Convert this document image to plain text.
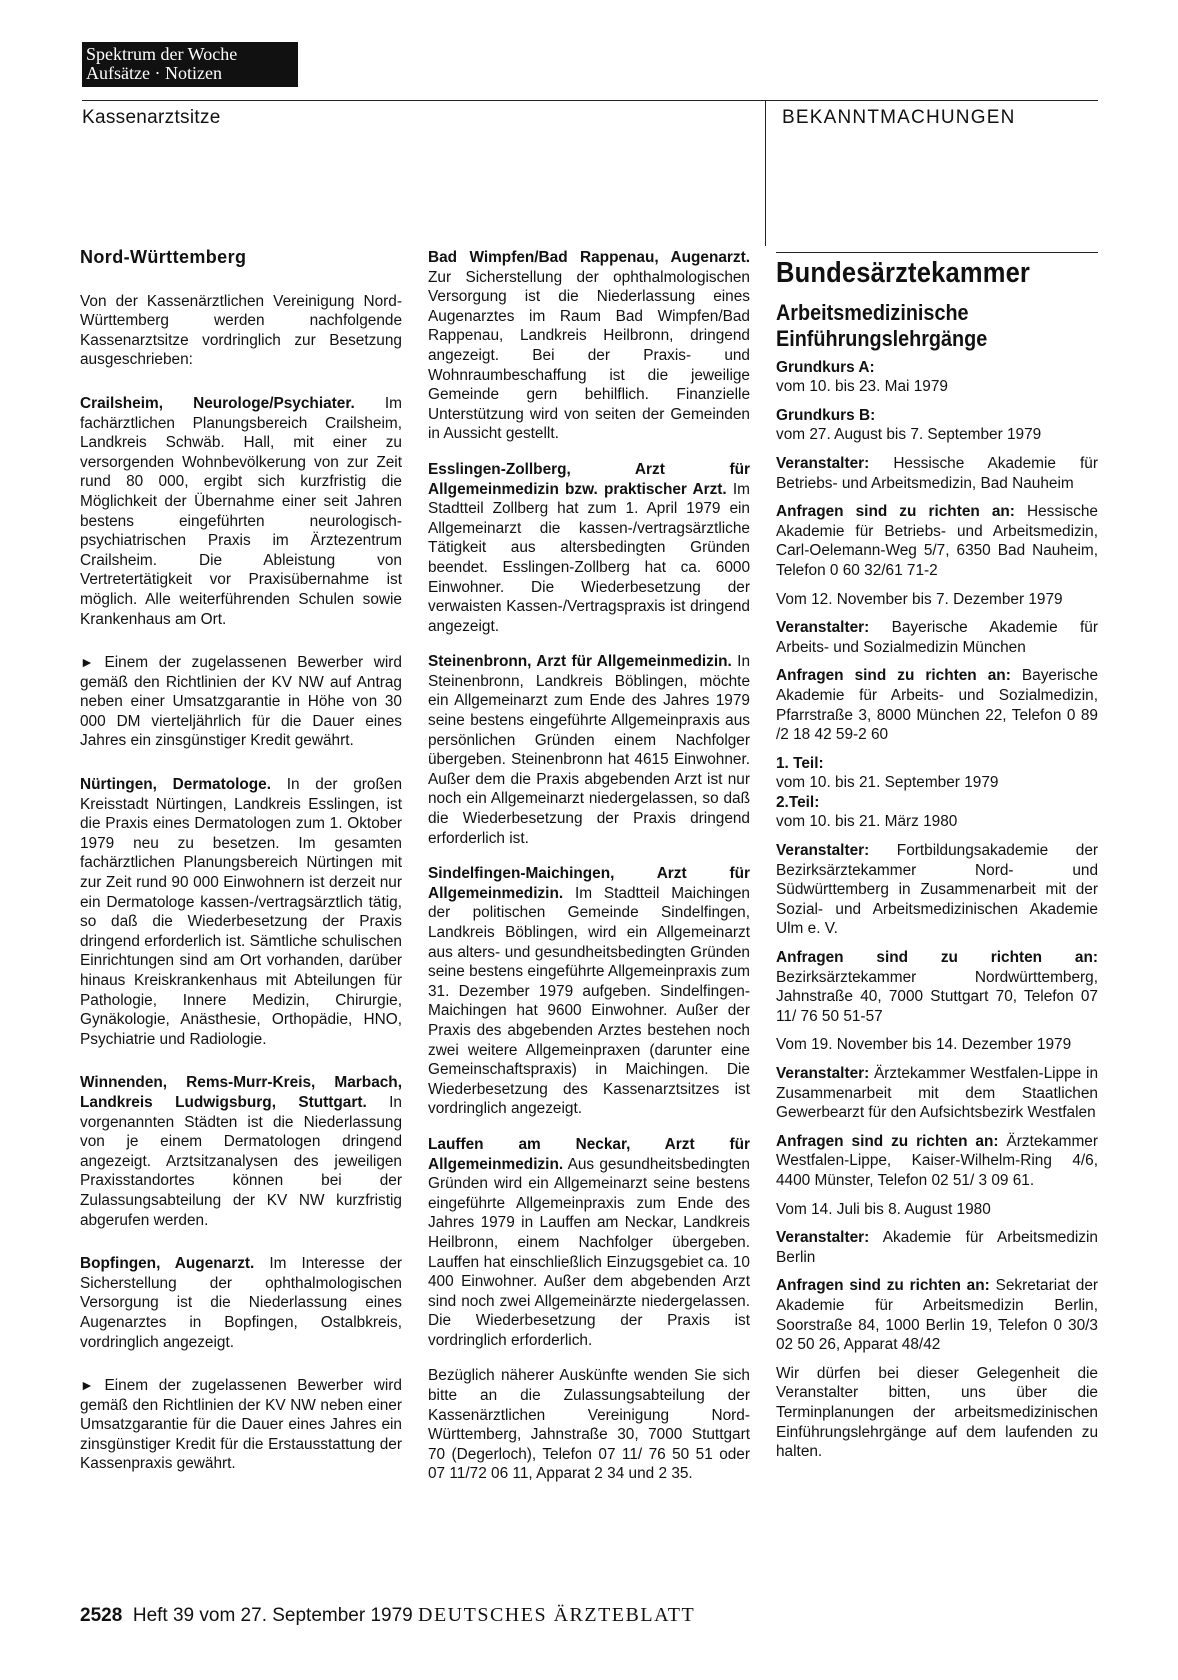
Spektrum der Woche
Aufsätze · Notizen
Kassenarztsitze	BEKANNTMACHUNGEN
Nord-Württemberg

Von der Kassenärztlichen Vereinigung Nord-Württemberg werden nachfolgende Kassenarztsitze vordringlich zur Besetzung ausgeschrieben:

Crailsheim, Neurologe/Psychiater. Im fachärztlichen Planungsbereich Crailsheim, Landkreis Schwäb. Hall, mit einer zu versorgenden Wohnbevölkerung von zur Zeit rund 80 000, ergibt sich kurzfristig die Möglichkeit der Übernahme einer seit Jahren bestens eingeführten neurologisch-psychiatrischen Praxis im Ärztezentrum Crailsheim. Die Ableistung von Vertretertätigkeit vor Praxisübernahme ist möglich. Alle weiterführenden Schulen sowie Krankenhaus am Ort.

► Einem der zugelassenen Bewerber wird gemäß den Richtlinien der KV NW auf Antrag neben einer Umsatzgarantie in Höhe von 30 000 DM vierteljährlich für die Dauer eines Jahres ein zinsgünstiger Kredit gewährt.

Nürtingen, Dermatologe. In der großen Kreisstadt Nürtingen, Landkreis Esslingen, ist die Praxis eines Dermatologen zum 1. Oktober 1979 neu zu besetzen. Im gesamten fachärztlichen Planungsbereich Nürtingen mit zur Zeit rund 90 000 Einwohnern ist derzeit nur ein Dermatologe kassen-/vertragsärztlich tätig, so daß die Wiederbesetzung der Praxis dringend erforderlich ist. Sämtliche schulischen Einrichtungen sind am Ort vorhanden, darüber hinaus Kreiskrankenhaus mit Abteilungen für Pathologie, Innere Medizin, Chirurgie, Gynäkologie, Anästhesie, Orthopädie, HNO, Psychiatrie und Radiologie.

Winnenden, Rems-Murr-Kreis, Marbach, Landkreis Ludwigsburg, Stuttgart. In vorgenannten Städten ist die Niederlassung von je einem Dermatologen dringend angezeigt. Arztsitzanalysen des jeweiligen Praxisstandortes können bei der Zulassungsabteilung der KV NW kurzfristig abgerufen werden.

Bopfingen, Augenarzt. Im Interesse der Sicherstellung der ophthalmologischen Versorgung ist die Niederlassung eines Augenarztes in Bopfingen, Ostalbkreis, vordringlich angezeigt.

► Einem der zugelassenen Bewerber wird gemäß den Richtlinien der KV NW neben einer Umsatzgarantie für die Dauer eines Jahres ein zinsgünstiger Kredit für die Erstausstattung der Kassenpraxis gewährt.

Bad Wimpfen/Bad Rappenau, Augenarzt. Zur Sicherstellung der ophthalmologischen Versorgung ist die Niederlassung eines Augenarztes im Raum Bad Wimpfen/Bad Rappenau, Landkreis Heilbronn, dringend angezeigt. Bei der Praxis- und Wohnraumbeschaffung ist die jeweilige Gemeinde gern behilflich. Finanzielle Unterstützung wird von seiten der Gemeinden in Aussicht gestellt.

Esslingen-Zollberg, Arzt für Allgemeinmedizin bzw. praktischer Arzt. Im Stadtteil Zollberg hat zum 1. April 1979 ein Allgemeinarzt die kassen-/vertragsärztliche Tätigkeit aus altersbedingten Gründen beendet. Esslingen-Zollberg hat ca. 6000 Einwohner. Die Wiederbesetzung der verwaisten Kassen-/Vertragspraxis ist dringend angezeigt.

Steinenbronn, Arzt für Allgemeinmedizin. In Steinenbronn, Landkreis Böblingen, möchte ein Allgemeinarzt zum Ende des Jahres 1979 seine bestens eingeführte Allgemeinpraxis aus persönlichen Gründen einem Nachfolger übergeben. Steinenbronn hat 4615 Einwohner. Außer dem die Praxis abgebenden Arzt ist nur noch ein Allgemeinarzt niedergelassen, so daß die Wiederbesetzung der Praxis dringend erforderlich ist.

Sindelfingen-Maichingen, Arzt für Allgemeinmedizin. Im Stadtteil Maichingen der politischen Gemeinde Sindelfingen, Landkreis Böblingen, wird ein Allgemeinarzt aus alters- und gesundheitsbedingten Gründen seine bestens eingeführte Allgemeinpraxis zum 31. Dezember 1979 aufgeben. Sindelfingen-Maichingen hat 9600 Einwohner. Außer der Praxis des abgebenden Arztes bestehen noch zwei weitere Allgemeinpraxen (darunter eine Gemeinschaftspraxis) in Maichingen. Die Wiederbesetzung des Kassenarztsitzes ist vordringlich angezeigt.

Lauffen am Neckar, Arzt für Allgemeinmedizin. Aus gesundheitsbedingten Gründen wird ein Allgemeinarzt seine bestens eingeführte Allgemeinpraxis zum Ende des Jahres 1979 in Lauffen am Neckar, Landkreis Heilbronn, einem Nachfolger übergeben. Lauffen hat einschließlich Einzugsgebiet ca. 10 400 Einwohner. Außer dem abgebenden Arzt sind noch zwei Allgemeinärzte niedergelassen. Die Wiederbesetzung der Praxis ist vordringlich erforderlich.

Bezüglich näherer Auskünfte wenden Sie sich bitte an die Zulassungsabteilung der Kassenärztlichen Vereinigung Nord-Württemberg, Jahnstraße 30, 7000 Stuttgart 70 (Degerloch), Telefon 07 11/ 76 50 51 oder 07 11/72 06 11, Apparat 2 34 und 2 35.

Bundesärztekammer
Arbeitsmedizinische
Einführungslehrgänge

Grundkurs A:
vom 10. bis 23. Mai 1979

Grundkurs B:
vom 27. August bis 7. September 1979

Veranstalter: Hessische Akademie für Betriebs- und Arbeitsmedizin, Bad Nauheim

Anfragen sind zu richten an: Hessische Akademie für Betriebs- und Arbeitsmedizin, Carl-Oelemann-Weg 5/7, 6350 Bad Nauheim, Telefon 0 60 32/61 71-2

Vom 12. November bis 7. Dezember 1979

Veranstalter: Bayerische Akademie für Arbeits- und Sozialmedizin München

Anfragen sind zu richten an: Bayerische Akademie für Arbeits- und Sozialmedizin, Pfarrstraße 3, 8000 München 22, Telefon 0 89 /2 18 42 59-2 60

1. Teil:
vom 10. bis 21. September 1979
2.Teil:
vom 10. bis 21. März 1980

Veranstalter: Fortbildungsakademie der Bezirksärztekammer Nord- und Südwürttemberg in Zusammenarbeit mit der Sozial- und Arbeitsmedizinischen Akademie Ulm e. V.

Anfragen sind zu richten an: Bezirksärztekammer Nordwürttemberg, Jahnstraße 40, 7000 Stuttgart 70, Telefon 07 11/ 76 50 51-57

Vom 19. November bis 14. Dezember 1979

Veranstalter: Ärztekammer Westfalen-Lippe in Zusammenarbeit mit dem Staatlichen Gewerbearzt für den Aufsichtsbezirk Westfalen

Anfragen sind zu richten an: Ärztekammer Westfalen-Lippe, Kaiser-Wilhelm-Ring 4/6, 4400 Münster, Telefon 02 51/ 3 09 61.

Vom 14. Juli bis 8. August 1980

Veranstalter: Akademie für Arbeitsmedizin Berlin

Anfragen sind zu richten an: Sekretariat der Akademie für Arbeitsmedizin Berlin, Soorstraße 84, 1000 Berlin 19, Telefon 0 30/3 02 50 26, Apparat 48/42

Wir dürfen bei dieser Gelegenheit die Veranstalter bitten, uns über die Terminplanungen der arbeitsmedizinischen Einführungslehrgänge auf dem laufenden zu halten.

2528 Heft 39 vom 27. September 1979 DEUTSCHES ÄRZTEBLATT
